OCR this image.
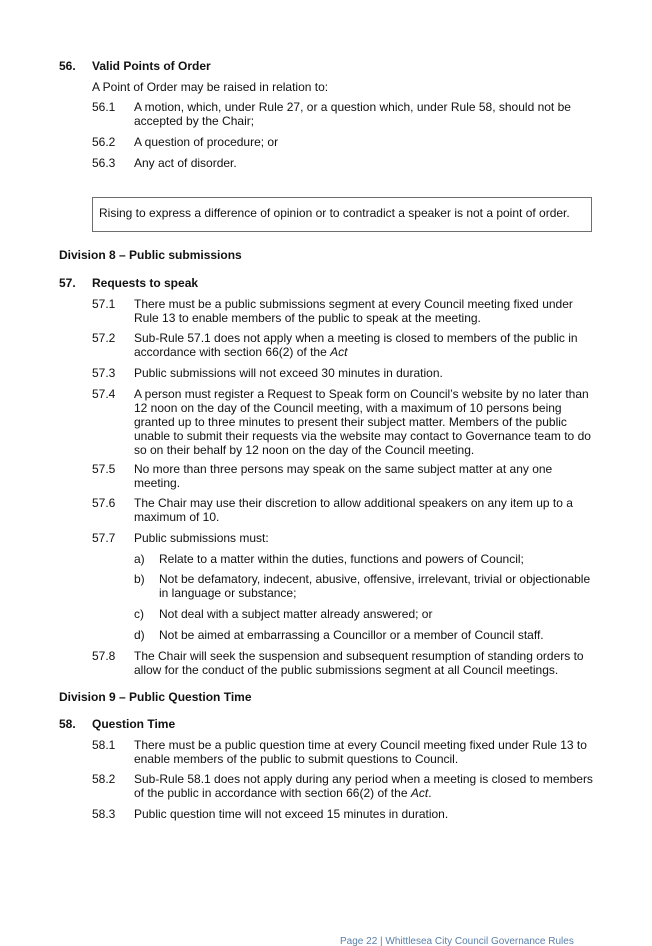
56. Valid Points of Order
A Point of Order may be raised in relation to:
56.1 A motion, which, under Rule 27, or a question which, under Rule 58, should not be
accepted by the Chair;
56.2 A question of procedure; or
56.3 Any act of disorder.
Rising to express a difference of opinion or to contradict a speaker is not a point of order.
Division 8 – Public submissions
57. Requests to speak
57.1 There must be a public submissions segment at every Council meeting fixed under
Rule 13 to enable members of the public to speak at the meeting.
57.2 Sub-Rule 57.1 does not apply when a meeting is closed to members of the public in
accordance with section 66(2) of the Act
57.3 Public submissions will not exceed 30 minutes in duration.
57.4 A person must register a Request to Speak form on Council’s website by no later than
12 noon on the day of the Council meeting, with a maximum of 10 persons being
granted up to three minutes to present their subject matter. Members of the public
unable to submit their requests via the website may contact to Governance team to do
so on their behalf by 12 noon on the day of the Council meeting.
57.5 No more than three persons may speak on the same subject matter at any one
meeting.
57.6 The Chair may use their discretion to allow additional speakers on any item up to a
maximum of 10.
57.7 Public submissions must:
a) Relate to a matter within the duties, functions and powers of Council;
b) Not be defamatory, indecent, abusive, offensive, irrelevant, trivial or objectionable
in language or substance;
c) Not deal with a subject matter already answered; or
d) Not be aimed at embarrassing a Councillor or a member of Council staff.
57.8 The Chair will seek the suspension and subsequent resumption of standing orders to
allow for the conduct of the public submissions segment at all Council meetings.
Division 9 – Public Question Time
58. Question Time
58.1 There must be a public question time at every Council meeting fixed under Rule 13 to
enable members of the public to submit questions to Council.
58.2 Sub-Rule 58.1 does not apply during any period when a meeting is closed to members
of the public in accordance with section 66(2) of the Act.
58.3 Public question time will not exceed 15 minutes in duration.
Page 22 | Whittlesea City Council Governance Rules
